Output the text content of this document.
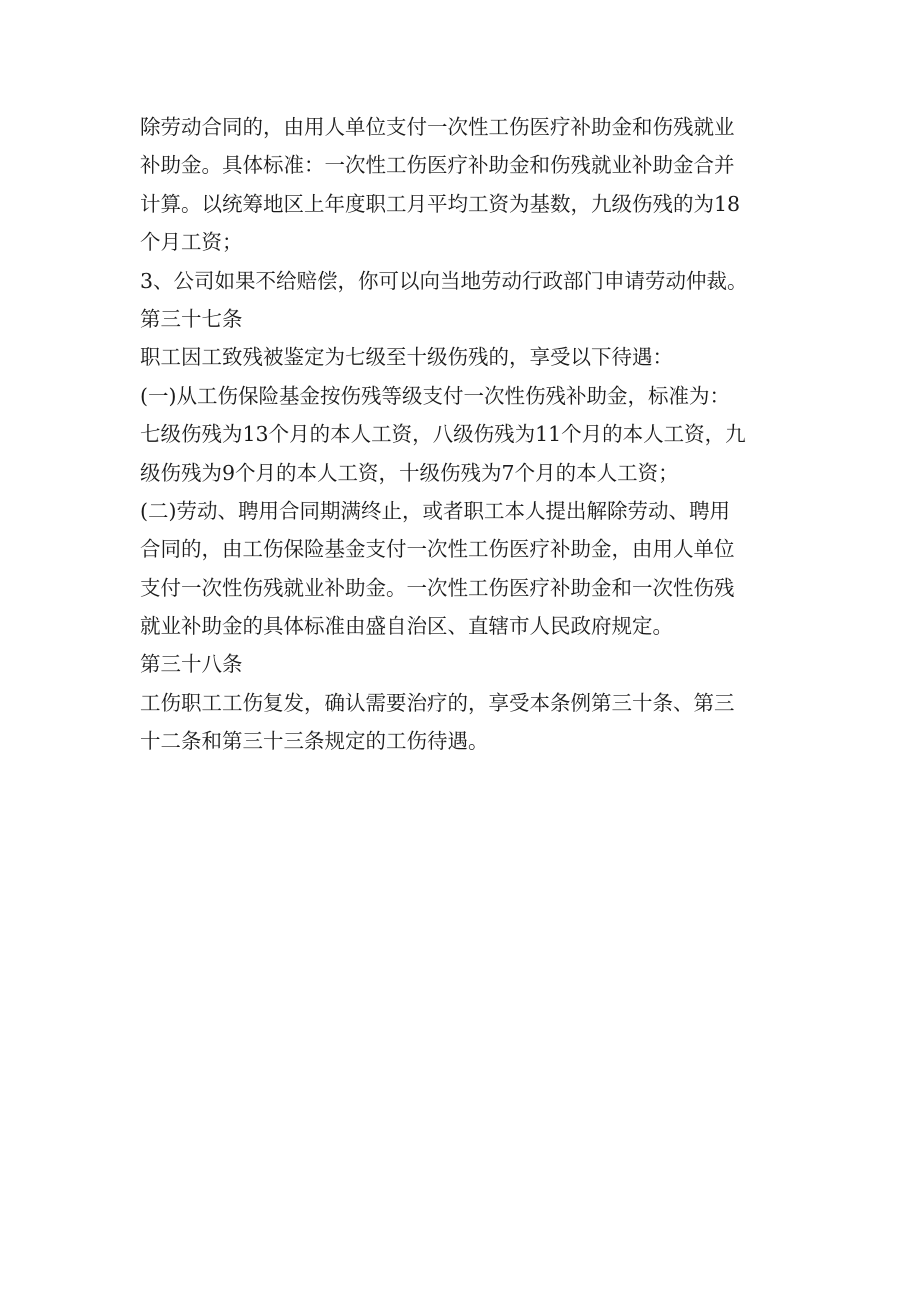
除劳动合同的，由用人单位支付一次性工伤医疗补助金和伤残就业

补助金。具体标准：一次性工伤医疗补助金和伤残就业补助金合并

计算。以统筹地区上年度职工月平均工资为基数，九级伤残的为18

个月工资；

3、公司如果不给赔偿，你可以向当地劳动行政部门申请劳动仲裁。

第三十七条

职工因工致残被鉴定为七级至十级伤残的，享受以下待遇：

(一)从工伤保险基金按伤残等级支付一次性伤残补助金，标准为：

七级伤残为13个月的本人工资，八级伤残为11个月的本人工资，九

级伤残为9个月的本人工资，十级伤残为7个月的本人工资；

(二)劳动、聘用合同期满终止，或者职工本人提出解除劳动、聘用

合同的，由工伤保险基金支付一次性工伤医疗补助金，由用人单位

支付一次性伤残就业补助金。一次性工伤医疗补助金和一次性伤残

就业补助金的具体标准由盛自治区、直辖市人民政府规定。

第三十八条

工伤职工工伤复发，确认需要治疗的，享受本条例第三十条、第三

十二条和第三十三条规定的工伤待遇。
